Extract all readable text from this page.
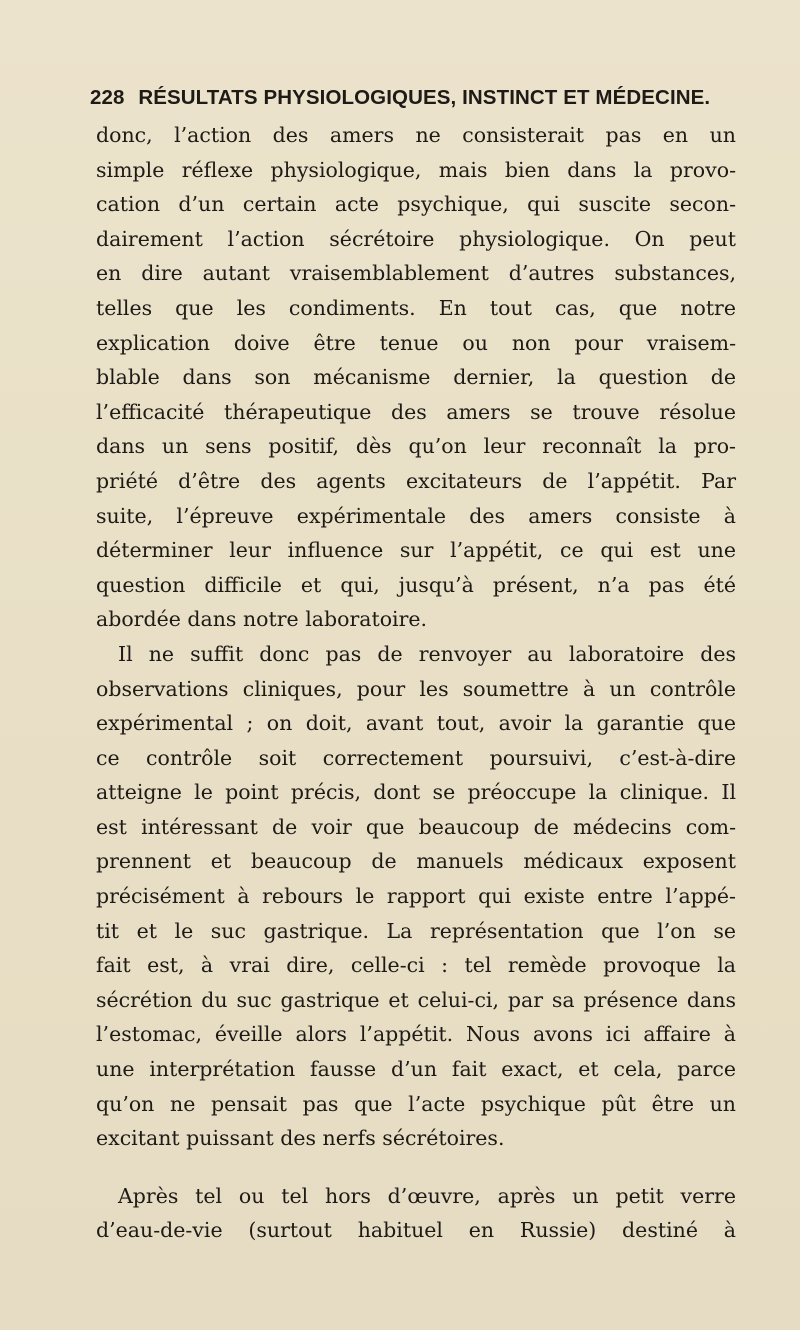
228 RÉSULTATS PHYSIOLOGIQUES, INSTINCT ET MÉDECINE.
donc, l’action des amers ne consisterait pas en un
simple réflexe physiologique, mais bien dans la provo-
cation d’un certain acte psychique, qui suscite secon-
dairement l’action sécrétoire physiologique. On peut
en dire autant vraisemblablement d’autres substances,
telles que les condiments. En tout cas, que notre
explication doive être tenue ou non pour vraisem-
blable dans son mécanisme dernier, la question de
l’efficacité thérapeutique des amers se trouve résolue
dans un sens positif, dès qu’on leur reconnaît la pro-
priété d’être des agents excitateurs de l’appétit. Par
suite, l’épreuve expérimentale des amers consiste à
déterminer leur influence sur l’appétit, ce qui est une
question difficile et qui, jusqu’à présent, n’a pas été
abordée dans notre laboratoire.
Il ne suffit donc pas de renvoyer au laboratoire des
observations cliniques, pour les soumettre à un contrôle
expérimental ; on doit, avant tout, avoir la garantie que
ce contrôle soit correctement poursuivi, c’est-à-dire
atteigne le point précis, dont se préoccupe la clinique. Il
est intéressant de voir que beaucoup de médecins com-
prennent et beaucoup de manuels médicaux exposent
précisément à rebours le rapport qui existe entre l’appé-
tit et le suc gastrique. La représentation que l’on se
fait est, à vrai dire, celle-ci : tel remède provoque la
sécrétion du suc gastrique et celui-ci, par sa présence dans
l’estomac, éveille alors l’appétit. Nous avons ici affaire à
une interprétation fausse d’un fait exact, et cela, parce
qu’on ne pensait pas que l’acte psychique pût être un
excitant puissant des nerfs sécrétoires.
Après tel ou tel hors d’œuvre, après un petit verre
d’eau-de-vie (surtout habituel en Russie) destiné à
